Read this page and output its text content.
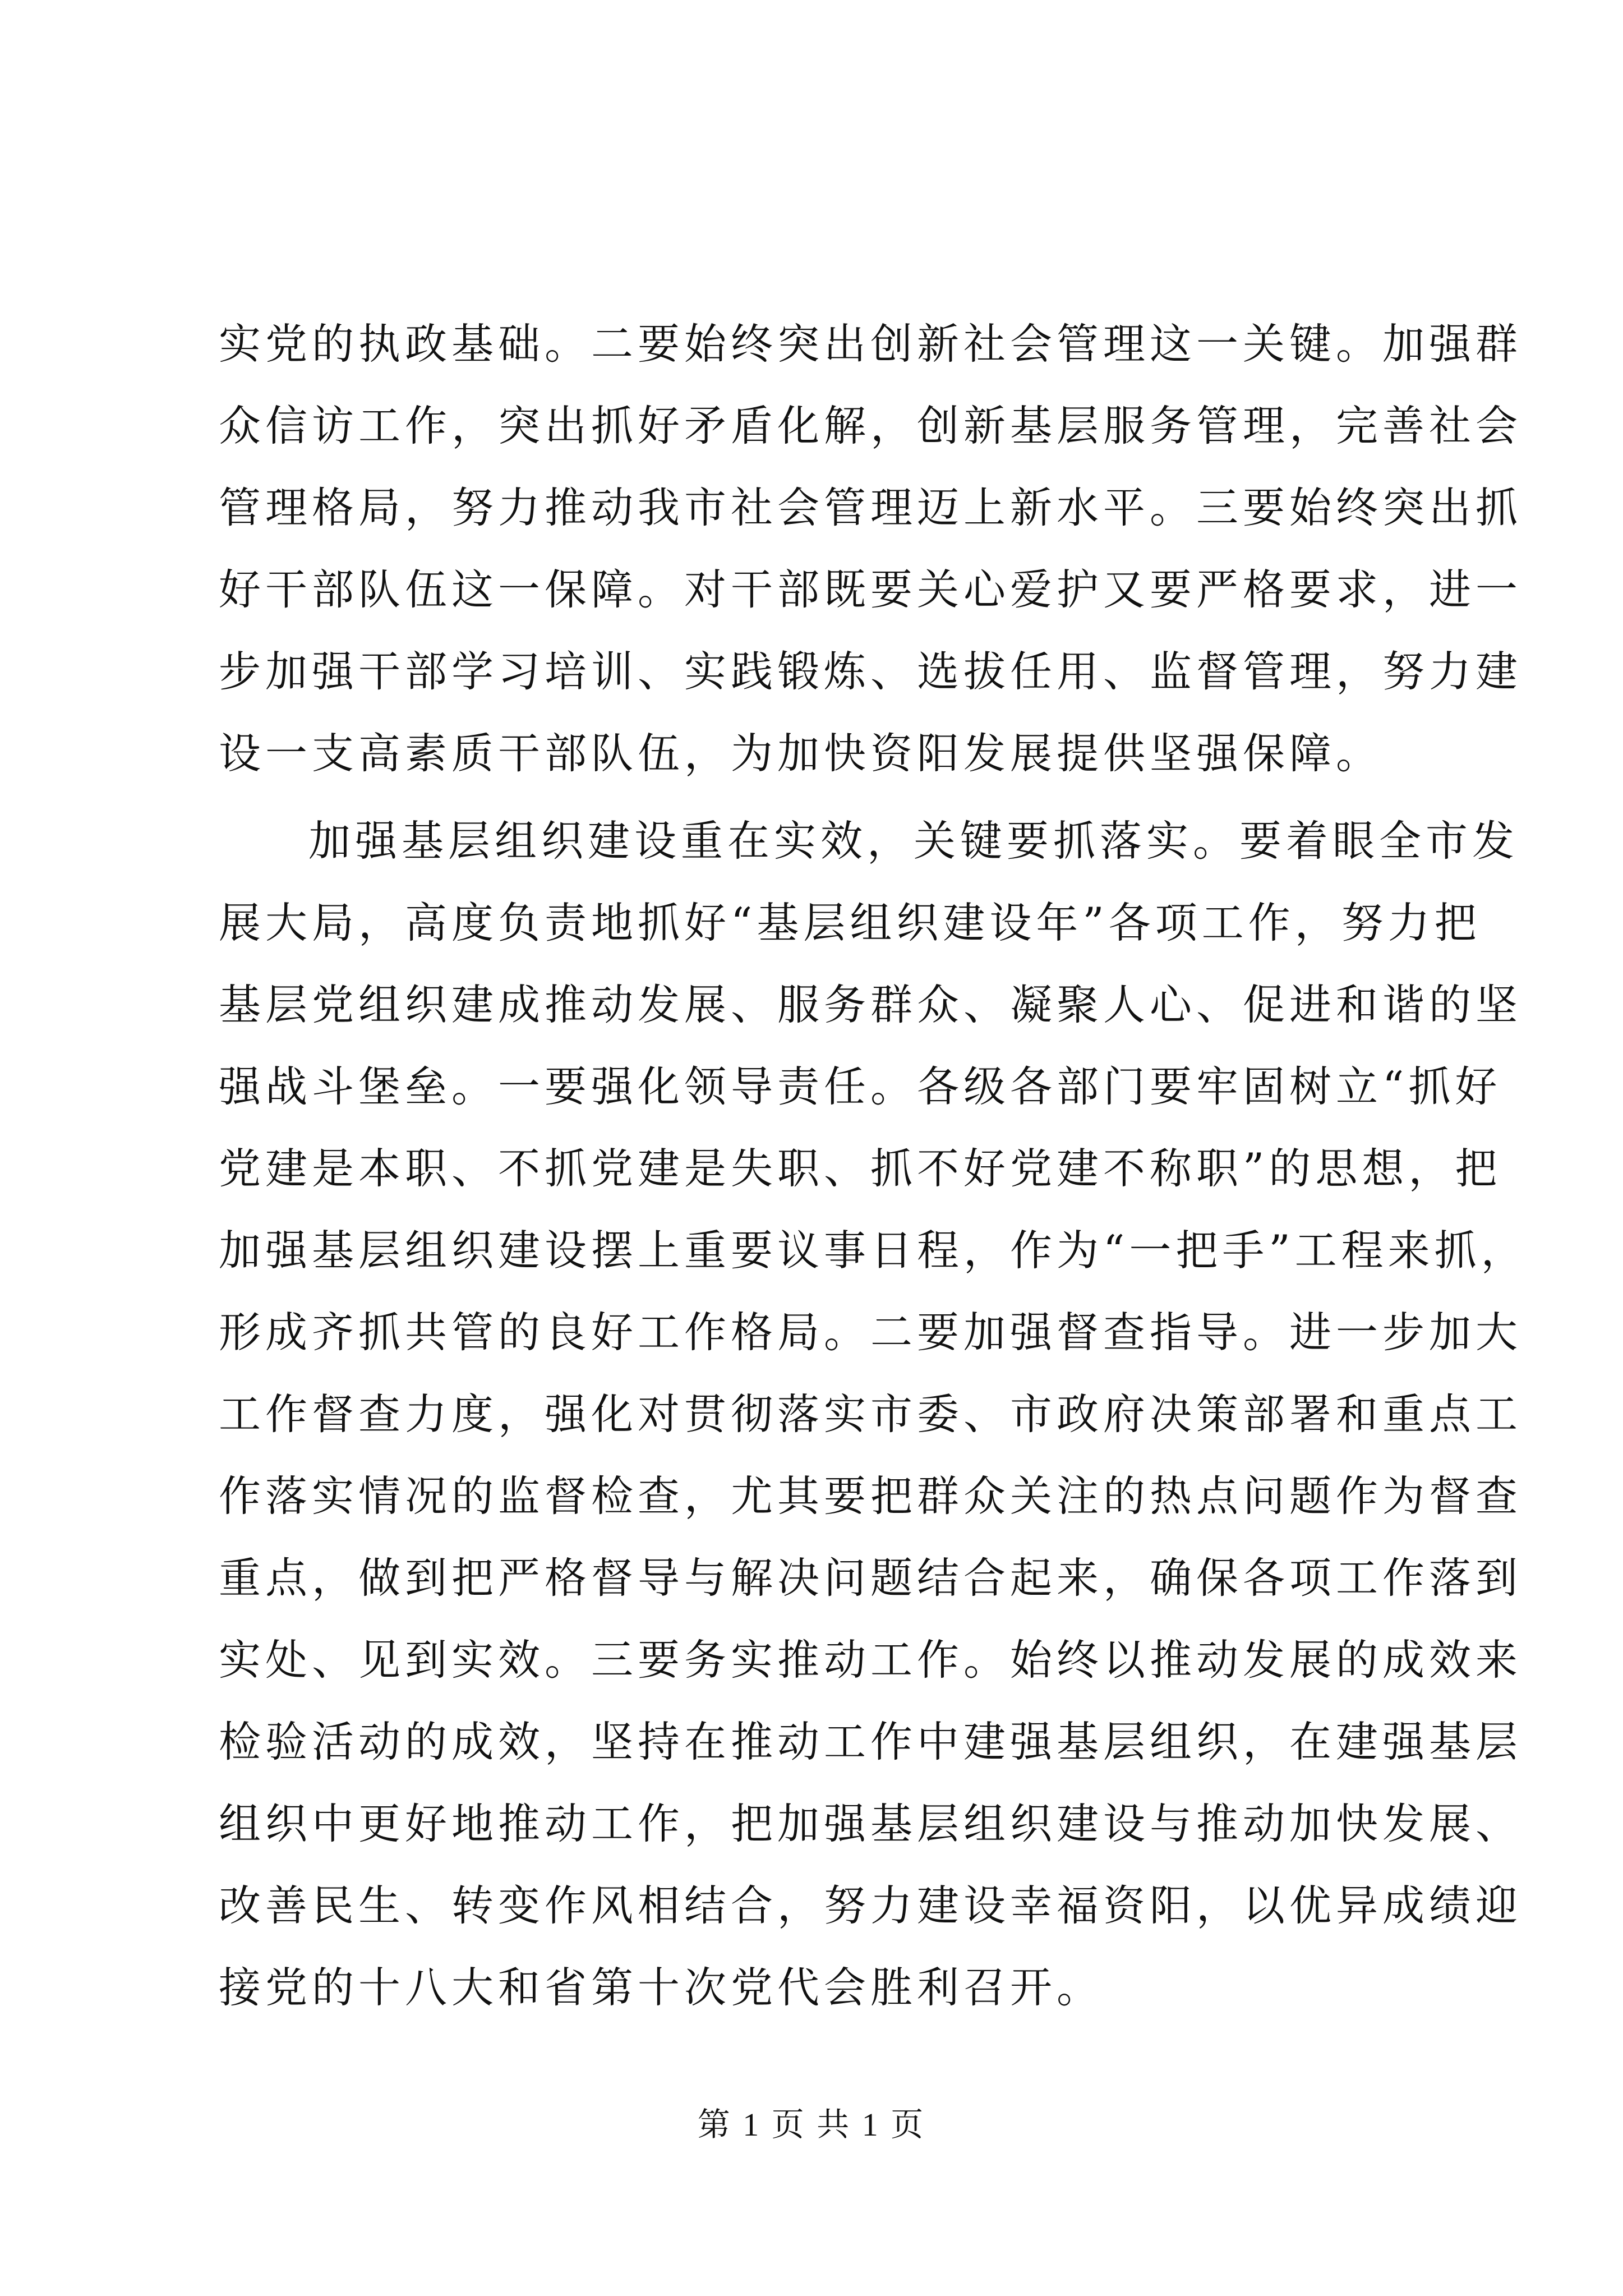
实党的执政基础。二要始终突出创新社会管理这一关键。加强群
众信访工作，突出抓好矛盾化解，创新基层服务管理，完善社会
管理格局，努力推动我市社会管理迈上新水平。三要始终突出抓
好干部队伍这一保障。对干部既要关心爱护又要严格要求，进一
步加强干部学习培训、实践锻炼、选拔任用、监督管理，努力建
设一支高素质干部队伍，为加快资阳发展提供坚强保障。
加强基层组织建设重在实效，关键要抓落实。要着眼全市发
展大局，高度负责地抓好“基层组织建设年”各项工作，努力把
基层党组织建成推动发展、服务群众、凝聚人心、促进和谐的坚
强战斗堡垒。一要强化领导责任。各级各部门要牢固树立“抓好
党建是本职、不抓党建是失职、抓不好党建不称职”的思想，把
加强基层组织建设摆上重要议事日程，作为“一把手”工程来抓，
形成齐抓共管的良好工作格局。二要加强督查指导。进一步加大
工作督查力度，强化对贯彻落实市委、市政府决策部署和重点工
作落实情况的监督检查，尤其要把群众关注的热点问题作为督查
重点，做到把严格督导与解决问题结合起来，确保各项工作落到
实处、见到实效。三要务实推动工作。始终以推动发展的成效来
检验活动的成效，坚持在推动工作中建强基层组织，在建强基层
组织中更好地推动工作，把加强基层组织建设与推动加快发展、
改善民生、转变作风相结合，努力建设幸福资阳，以优异成绩迎
接党的十八大和省第十次党代会胜利召开。
第 1 页 共 1 页
